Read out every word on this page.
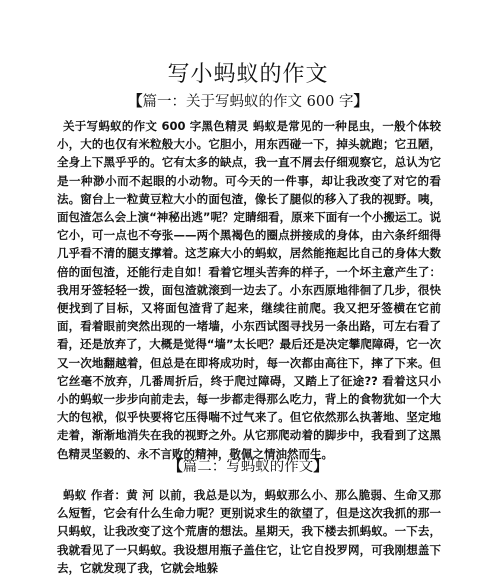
写小蚂蚁的作文
【篇一：关于写蚂蚁的作文 600 字】

关于写蚂蚁的作文 600 字黑色精灵 蚂蚁是常见的一种昆虫，一般个体较小，大的也仅有米粒般大小。它胆小，用东西碰一下，掉头就跑；它丑陋，全身上下黑乎乎的。它有太多的缺点，我一直不屑去仔细观察它，总认为它是一种渺小而不起眼的小动物。可今天的一件事，却让我改变了对它的看法。窗台上一粒黄豆粒大小的面包渣，像长了腿似的移入了我的视野。咦，面包渣怎么会上演“神秘出逃”呢？定睛细看，原来下面有一个小搬运工。说它小，可一点也不夸张——两个黑褐色的圈点拼接成的身体，由六条纤细得几乎看不清的腿支撑着。这芝麻大小的蚂蚁，居然能拖起比自己的身体大数倍的面包渣，还能行走自如！看着它埋头苦奔的样子，一个坏主意产生了：我用牙签轻轻一拨，面包渣就滚到一边去了。小东西原地徘徊了几步，很快便找到了目标，又将面包渣背了起来，继续往前爬。我又把牙签横在它前面，看着眼前突然出现的一堵墙，小东西试图寻找另一条出路，可左右看了看，还是放弃了，大概是觉得“墙”太长吧？最后还是决定攀爬障碍，它一次又一次地翻越着，但总是在即将成功时，每一次都由高往下，摔了下来。但它丝毫不放弃，几番周折后，终于爬过障碍，又踏上了征途?? 看着这只小小的蚂蚁一步步向前走去，每一步都走得那么吃力，背上的食物犹如一个大大的包袱，似乎快要将它压得喘不过气来了。但它依然那么执著地、坚定地走着，渐渐地消失在我的视野之外。从它那爬动着的脚步中，我看到了这黑色精灵坚毅的、永不言败的精神，敬佩之情油然而生。

【篇二：写蚂蚁的作文】

蚂蚁 作者：黄 河 以前，我总是以为，蚂蚁那么小、那么脆弱、生命又那么短暂，它会有什么生命力呢？更别说求生的欲望了，但是这次我抓的那一只蚂蚁，让我改变了这个荒唐的想法。星期天，我下楼去抓蚂蚁。一下去，我就看见了一只蚂蚁。我设想用瓶子盖住它，让它自投罗网，可我刚想盖下去，它就发现了我，它就会地躲
